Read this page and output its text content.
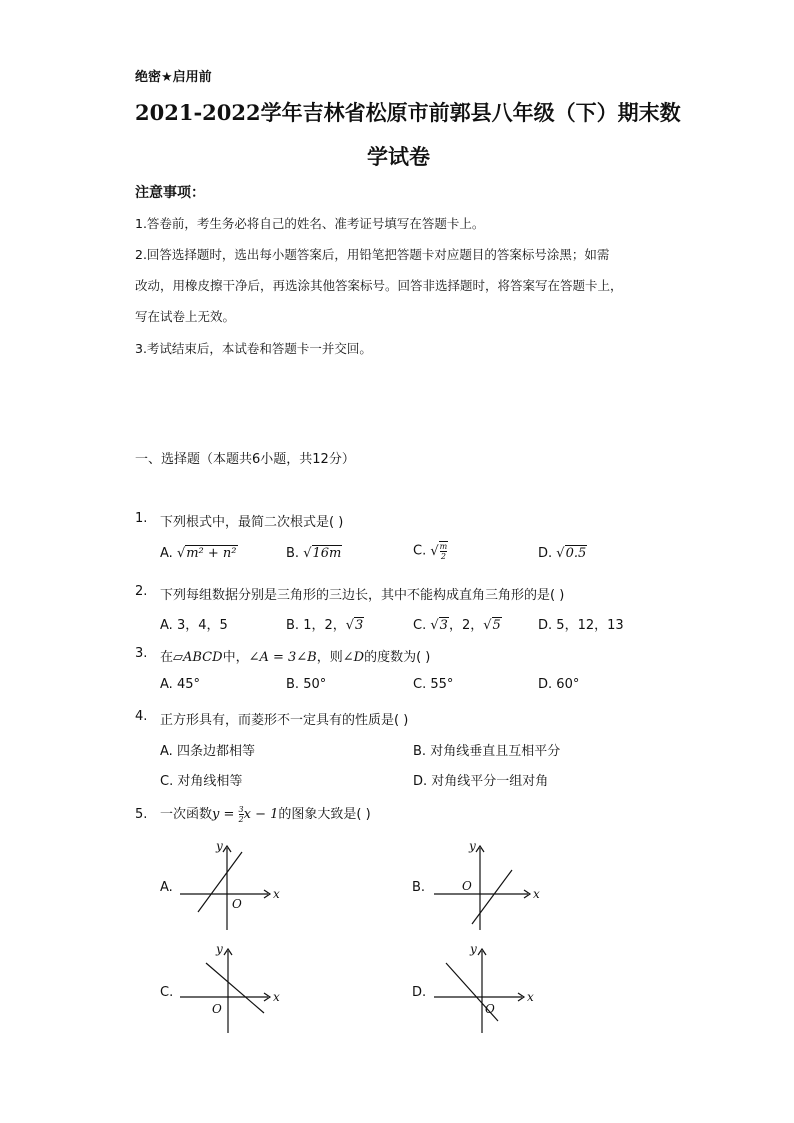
绝密★启用前
2021-2022学年吉林省松原市前郭县八年级（下）期末数
学试卷
注意事项：
1.答卷前，考生务必将自己的姓名、准考证号填写在答题卡上。
2.回答选择题时，选出每小题答案后，用铅笔把答题卡对应题目的答案标号涂黑；如需
改动，用橡皮擦干净后，再选涂其他答案标号。回答非选择题时，将答案写在答题卡上，
写在试卷上无效。
3.考试结束后，本试卷和答题卡一并交回。
一、选择题（本题共6小题，共12分）
1. 下列根式中，最简二次根式是( )
A. √m² + n²	B. √16m	C. √ $\frac{m}{2}$	D. √0.5
2. 下列每组数据分别是三角形的三边长，其中不能构成直角三角形的是( )
A. 3，4，5	B. 1，2，√3	C. √3，2，√5	D. 5，12，13
3. 在▱ABCD中，∠A = 3∠B，则∠D的度数为( )
A. 45°	B. 50°	C. 55°	D. 60°
4. 正方形具有，而菱形不一定具有的性质是( )
A. 四条边都相等	B. 对角线垂直且互相平分
C. 对角线相等	D. 对角线平分一组对角
5. 一次函数$y = \frac{3}{2}$ x − 1的图象大致是( )
A.	x
y
O
B.	x
y
O
C.	x
y
O
D.	x
y
O
